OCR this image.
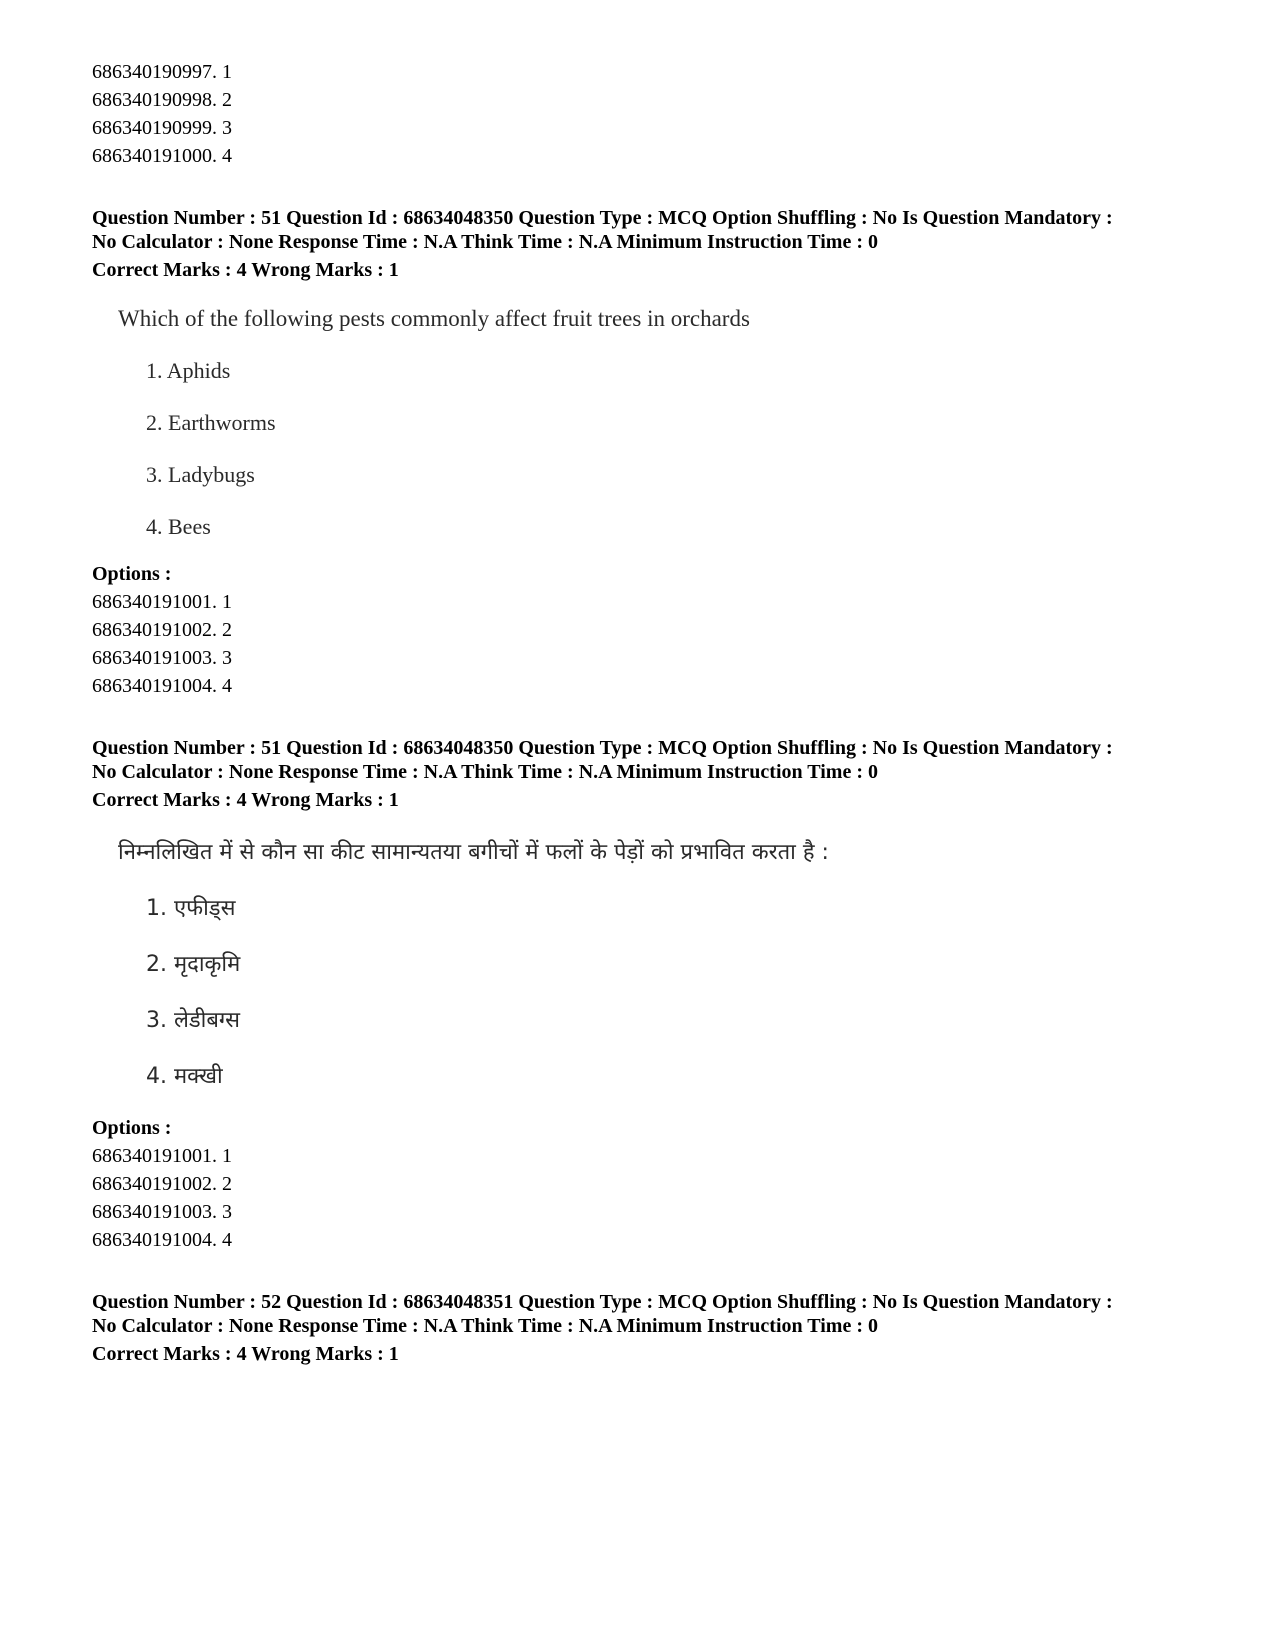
686340190997. 1
686340190998. 2
686340190999. 3
686340191000. 4
Question Number : 51 Question Id : 68634048350 Question Type : MCQ Option Shuffling : No Is Question Mandatory :
No Calculator : None Response Time : N.A Think Time : N.A Minimum Instruction Time : 0
Correct Marks : 4 Wrong Marks : 1
Which of the following pests commonly affect fruit trees in orchards
1. Aphids
2. Earthworms
3. Ladybugs
4. Bees
Options :
686340191001. 1
686340191002. 2
686340191003. 3
686340191004. 4
Question Number : 51 Question Id : 68634048350 Question Type : MCQ Option Shuffling : No Is Question Mandatory :
No Calculator : None Response Time : N.A Think Time : N.A Minimum Instruction Time : 0
Correct Marks : 4 Wrong Marks : 1
निम्नलिखित में से कौन सा कीट सामान्यतया बगीचों में फलों के पेड़ों को प्रभावित करता है :
1. एफीड्स
2. मृदाकृमि
3. लेडीबग्स
4. मक्खी
Options :
686340191001. 1
686340191002. 2
686340191003. 3
686340191004. 4
Question Number : 52 Question Id : 68634048351 Question Type : MCQ Option Shuffling : No Is Question Mandatory :
No Calculator : None Response Time : N.A Think Time : N.A Minimum Instruction Time : 0
Correct Marks : 4 Wrong Marks : 1
